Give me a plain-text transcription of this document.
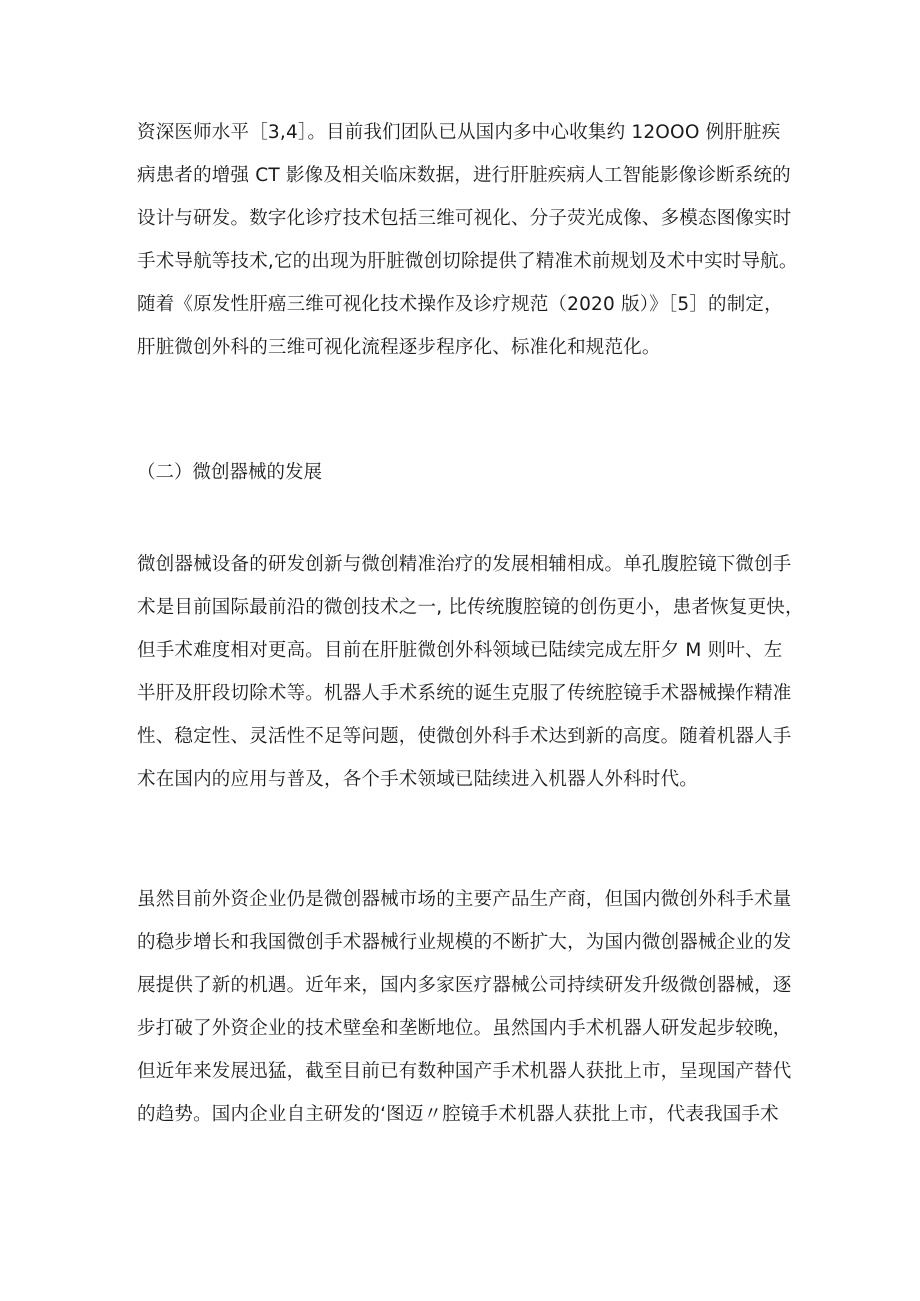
资深医师水平［3,4］。目前我们团队已从国内多中心收集约 12OOO 例肝脏疾
病患者的增强 CT 影像及相关临床数据，进行肝脏疾病人工智能影像诊断系统的
设计与研发。数字化诊疗技术包括三维可视化、分子荧光成像、多模态图像实时
手术导航等技术,它的出现为肝脏微创切除提供了精准术前规划及术中实时导航。
随着《原发性肝癌三维可视化技术操作及诊疗规范（2020 版）》［5］的制定，
肝脏微创外科的三维可视化流程逐步程序化、标准化和规范化。
（二）微创器械的发展
微创器械设备的研发创新与微创精准治疗的发展相辅相成。单孔腹腔镜下微创手
术是目前国际最前沿的微创技术之一, 比传统腹腔镜的创伤更小，患者恢复更快，
但手术难度相对更高。目前在肝脏微创外科领域已陆续完成左肝夕 M 则叶、左
半肝及肝段切除术等。机器人手术系统的诞生克服了传统腔镜手术器械操作精准
性、稳定性、灵活性不足等问题，使微创外科手术达到新的高度。随着机器人手
术在国内的应用与普及，各个手术领域已陆续进入机器人外科时代。
虽然目前外资企业仍是微创器械市场的主要产品生产商，但国内微创外科手术量
的稳步增长和我国微创手术器械行业规模的不断扩大，为国内微创器械企业的发
展提供了新的机遇。近年来，国内多家医疗器械公司持续研发升级微创器械，逐
步打破了外资企业的技术壁垒和垄断地位。虽然国内手术机器人研发起步较晚，
但近年来发展迅猛，截至目前已有数种国产手术机器人获批上市，呈现国产替代
的趋势。国内企业自主研发的‘图迈〃腔镜手术机器人获批上市，代表我国手术
